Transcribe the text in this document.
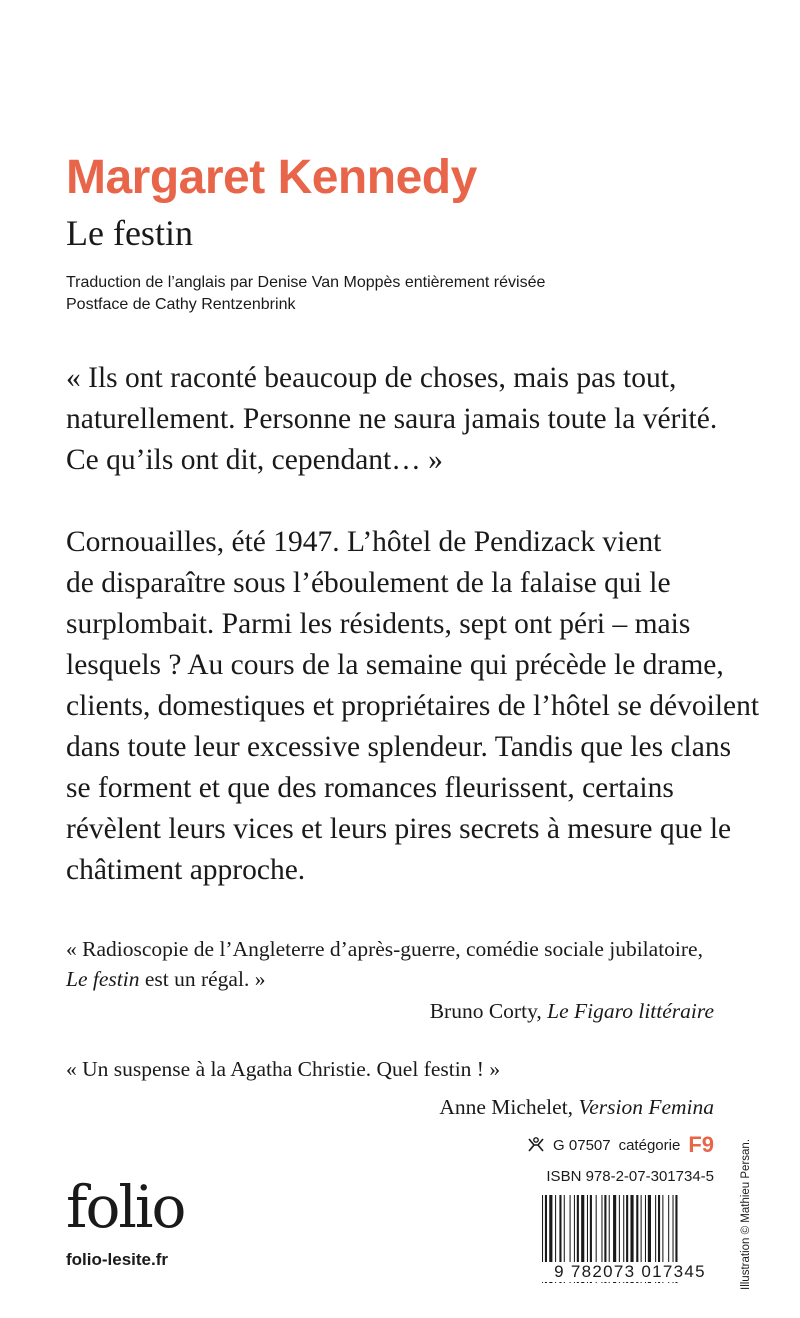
Margaret Kennedy
Le festin
Traduction de l’anglais par Denise Van Moppès entièrement révisée
Postface de Cathy Rentzenbrink
« Ils ont raconté beaucoup de choses, mais pas tout,
naturellement. Personne ne saura jamais toute la vérité.
Ce qu’ils ont dit, cependant… »
Cornouailles, été 1947. L’hôtel de Pendizack vient
de disparaître sous l’éboulement de la falaise qui le
surplombait. Parmi les résidents, sept ont péri – mais
lesquels ? Au cours de la semaine qui précède le drame,
clients, domestiques et propriétaires de l’hôtel se dévoilent
dans toute leur excessive splendeur. Tandis que les clans
se forment et que des romances fleurissent, certains
révèlent leurs vices et leurs pires secrets à mesure que le
châtiment approche.
« Radioscopie de l’Angleterre d’après-guerre, comédie sociale jubilatoire,
Le festin est un régal. »
Bruno Corty, Le Figaro littéraire
« Un suspense à la Agatha Christie. Quel festin ! »
Anne Michelet, Version Femina
G 07507 catégorie F9
ISBN 978-2-07-301734-5
9 782073 017345
folio
folio-lesite.fr	Illustration © Mathieu Persan.
